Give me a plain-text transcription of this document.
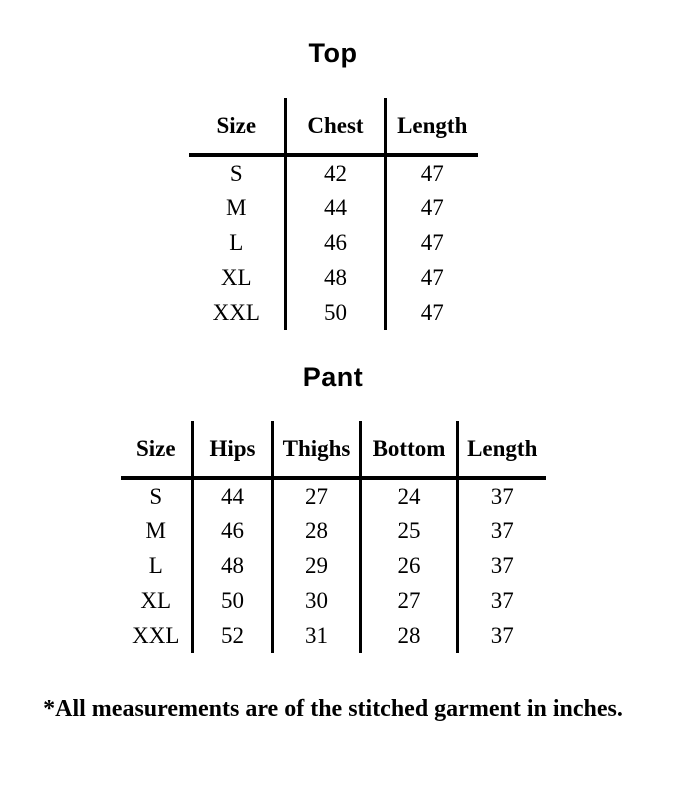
Top
Size	Chest	Length
S	42	47
M	44	47
L	46	47
XL	48	47
XXL	50	47
Pant
Size	Hips	Thighs	Bottom	Length
S	44	27	24	37
M	46	28	25	37
L	48	29	26	37
XL	50	30	27	37
XXL	52	31	28	37
*All measurements are of the stitched garment in inches.
